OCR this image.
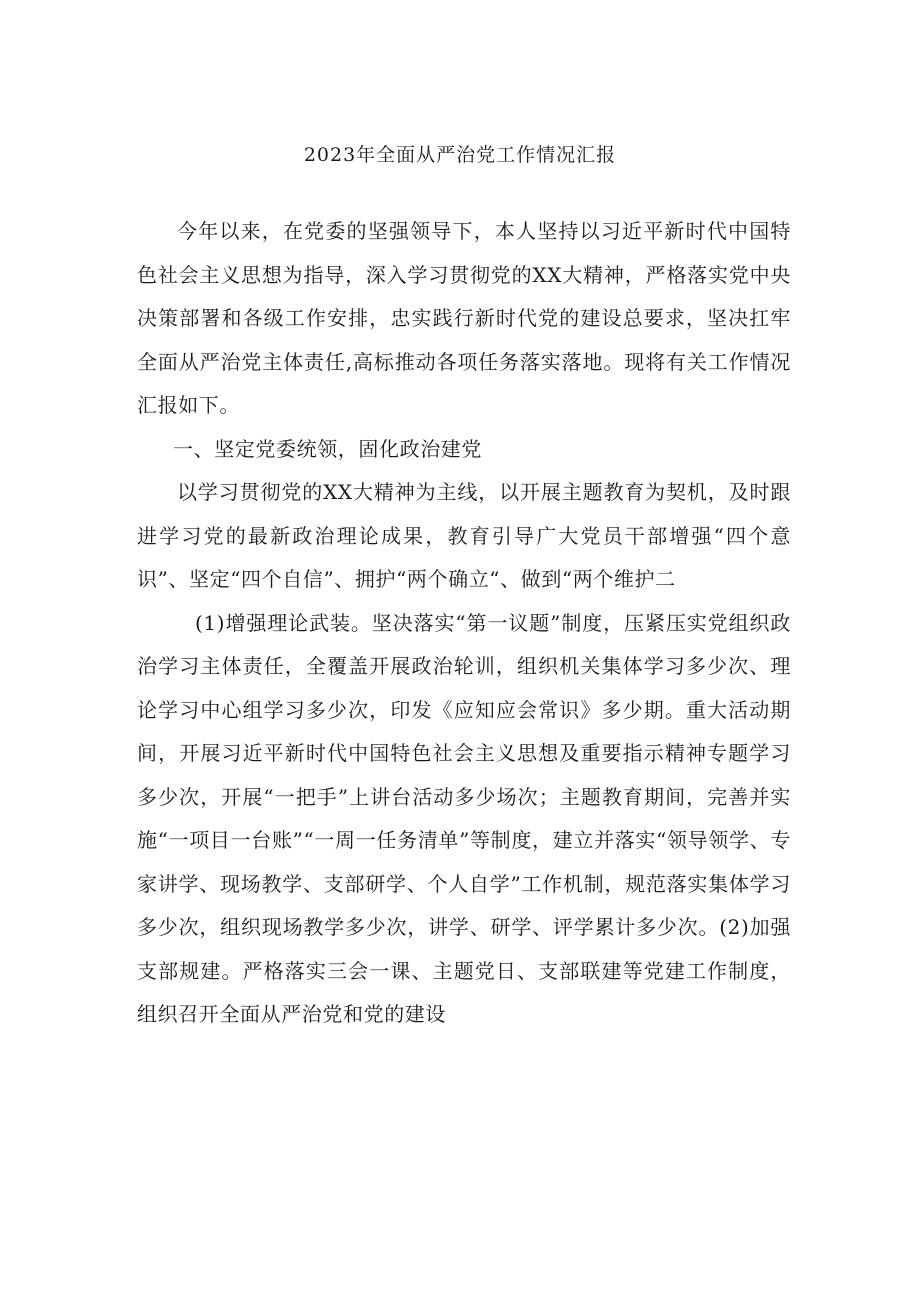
2023年全面从严治党工作情况汇报

今年以来，在党委的坚强领导下，本人坚持以习近平新时代中国特色社会主义思想为指导，深入学习贯彻党的XX大精神，严格落实党中央决策部署和各级工作安排，忠实践行新时代党的建设总要求，坚决扛牢全面从严治党主体责任,高标推动各项任务落实落地。现将有关工作情况汇报如下。

一、坚定党委统领，固化政治建党

以学习贯彻党的XX大精神为主线，以开展主题教育为契机，及时跟进学习党的最新政治理论成果，教育引导广大党员干部增强“四个意识”、坚定“四个自信”、拥护“两个确立“、做到“两个维护二

(1)增强理论武装。坚决落实“第一议题”制度，压紧压实党组织政治学习主体责任，全覆盖开展政治轮训，组织机关集体学习多少次、理论学习中心组学习多少次，印发《应知应会常识》多少期。重大活动期间，开展习近平新时代中国特色社会主义思想及重要指示精神专题学习多少次，开展“一把手”上讲台活动多少场次；主题教育期间，完善并实施“一项目一台账”“一周一任务清单”等制度，建立并落实“领导领学、专家讲学、现场教学、支部研学、个人自学”工作机制，规范落实集体学习多少次，组织现场教学多少次，讲学、研学、评学累计多少次。(2)加强支部规建。严格落实三会一课、主题党日、支部联建等党建工作制度，组织召开全面从严治党和党的建设
